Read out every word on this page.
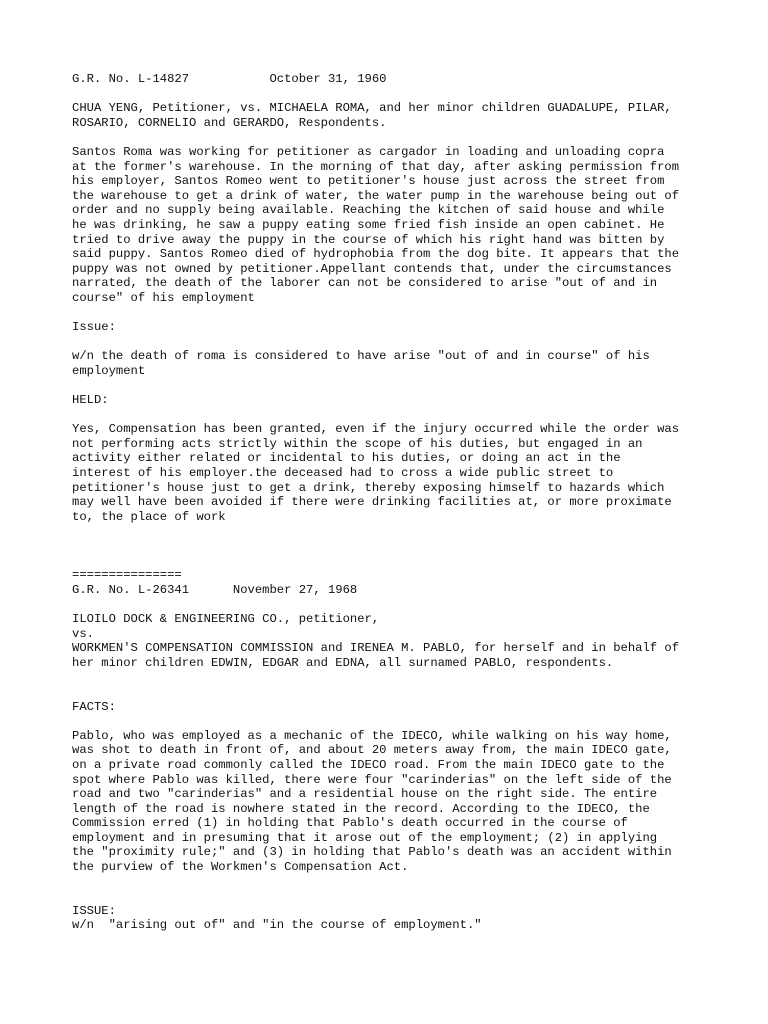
G.R. No. L-14827           October 31, 1960
CHUA YENG, Petitioner, vs. MICHAELA ROMA, and her minor children GUADALUPE, PILAR,
ROSARIO, CORNELIO and GERARDO, Respondents.
Santos Roma was working for petitioner as cargador in loading and unloading copra
at the former's warehouse. In the morning of that day, after asking permission from
his employer, Santos Romeo went to petitioner's house just across the street from
the warehouse to get a drink of water, the water pump in the warehouse being out of
order and no supply being available. Reaching the kitchen of said house and while
he was drinking, he saw a puppy eating some fried fish inside an open cabinet. He
tried to drive away the puppy in the course of which his right hand was bitten by
said puppy. Santos Romeo died of hydrophobia from the dog bite. It appears that the
puppy was not owned by petitioner.Appellant contends that, under the circumstances
narrated, the death of the laborer can not be considered to arise "out of and in
course" of his employment
Issue:
w/n the death of roma is considered to have arise "out of and in course" of his
employment
HELD:
Yes, Compensation has been granted, even if the injury occurred while the order was
not performing acts strictly within the scope of his duties, but engaged in an
activity either related or incidental to his duties, or doing an act in the
interest of his employer.the deceased had to cross a wide public street to
petitioner's house just to get a drink, thereby exposing himself to hazards which
may well have been avoided if there were drinking facilities at, or more proximate
to, the place of work
===============
G.R. No. L-26341      November 27, 1968
ILOILO DOCK & ENGINEERING CO., petitioner,
vs.
WORKMEN'S COMPENSATION COMMISSION and IRENEA M. PABLO, for herself and in behalf of
her minor children EDWIN, EDGAR and EDNA, all surnamed PABLO, respondents.
FACTS:
Pablo, who was employed as a mechanic of the IDECO, while walking on his way home,
was shot to death in front of, and about 20 meters away from, the main IDECO gate,
on a private road commonly called the IDECO road. From the main IDECO gate to the
spot where Pablo was killed, there were four "carinderias" on the left side of the
road and two "carinderias" and a residential house on the right side. The entire
length of the road is nowhere stated in the record. According to the IDECO, the
Commission erred (1) in holding that Pablo's death occurred in the course of
employment and in presuming that it arose out of the employment; (2) in applying
the "proximity rule;" and (3) in holding that Pablo's death was an accident within
the purview of the Workmen's Compensation Act.
ISSUE:
w/n  "arising out of" and "in the course of employment."
